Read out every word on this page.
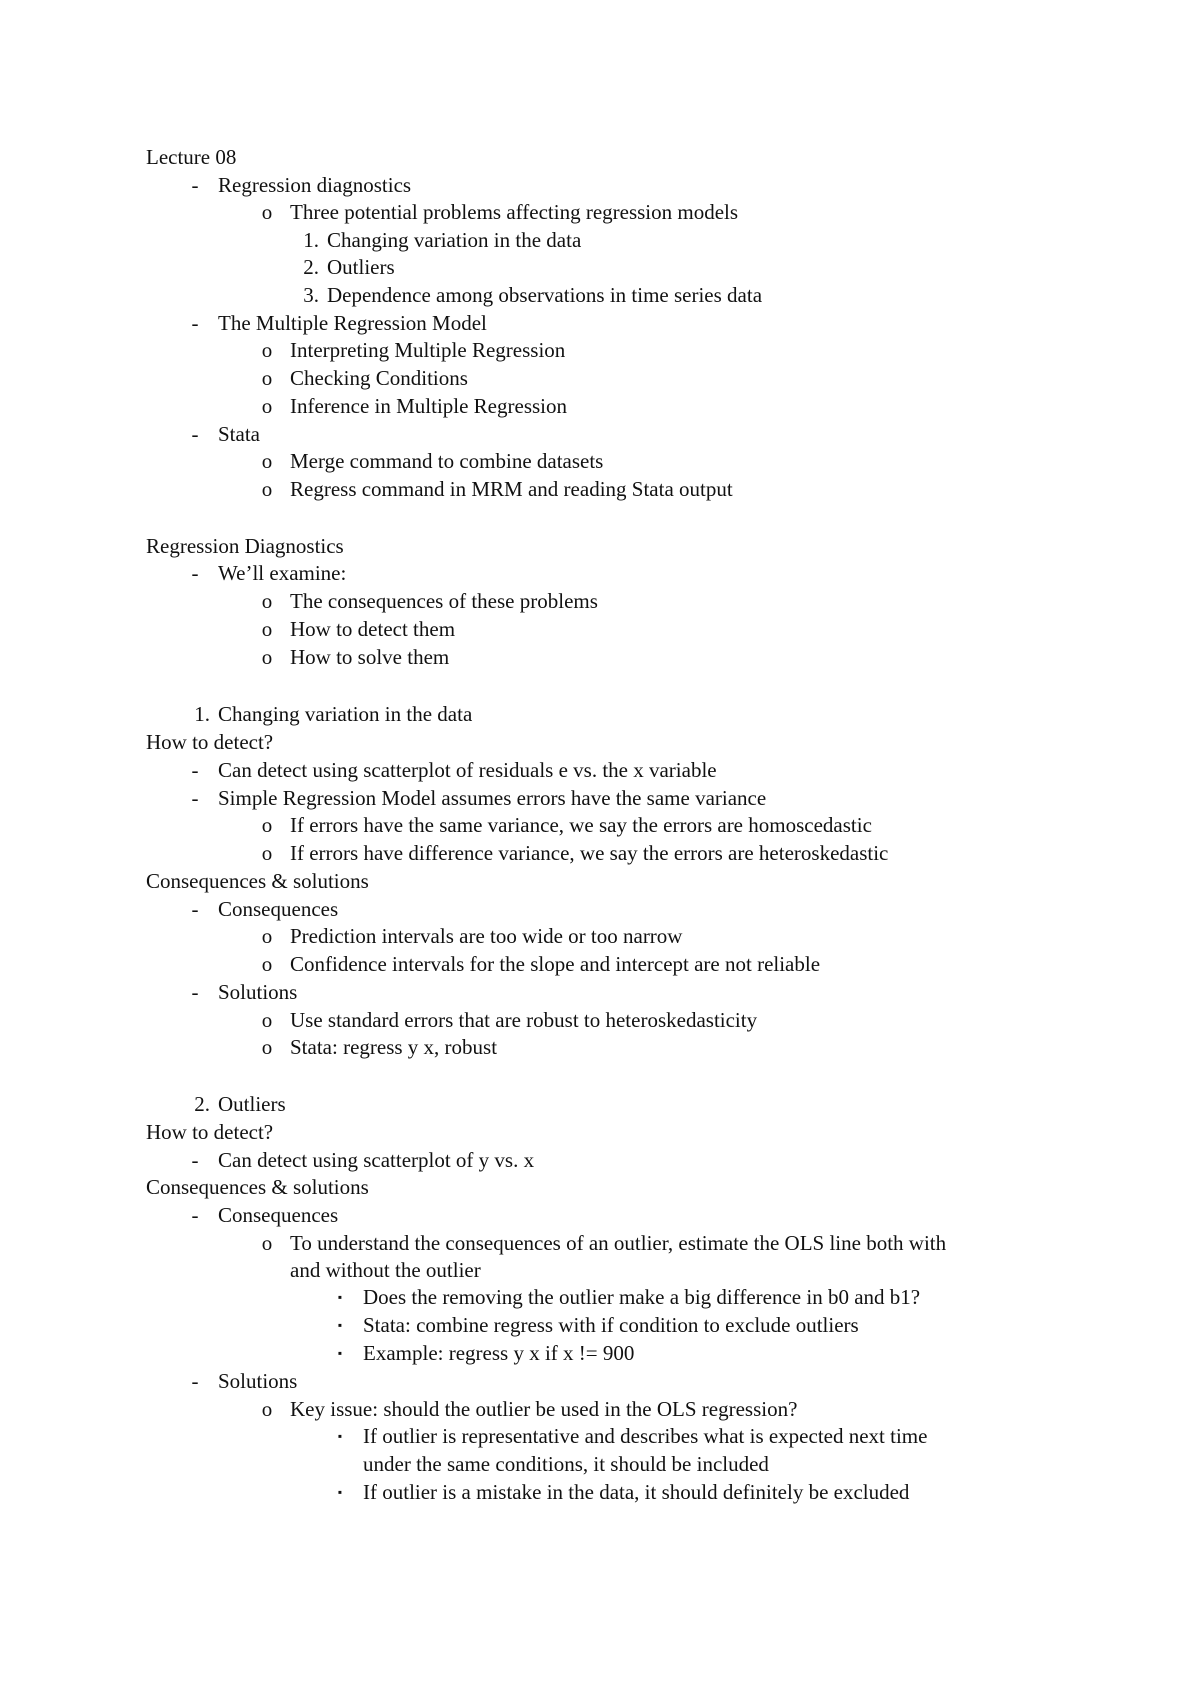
Lecture 08
- Regression diagnostics
o Three potential problems affecting regression models
1. Changing variation in the data
2. Outliers
3. Dependence among observations in time series data
- The Multiple Regression Model
o Interpreting Multiple Regression
o Checking Conditions
o Inference in Multiple Regression
- Stata
o Merge command to combine datasets
o Regress command in MRM and reading Stata output
Regression Diagnostics
- We’ll examine:
o The consequences of these problems
o How to detect them
o How to solve them
1. Changing variation in the data
How to detect?
- Can detect using scatterplot of residuals e vs. the x variable
- Simple Regression Model assumes errors have the same variance
o If errors have the same variance, we say the errors are homoscedastic
o If errors have difference variance, we say the errors are heteroskedastic
Consequences & solutions
- Consequences
o Prediction intervals are too wide or too narrow
o Confidence intervals for the slope and intercept are not reliable
- Solutions
o Use standard errors that are robust to heteroskedasticity
o Stata: regress y x, robust
2. Outliers
How to detect?
- Can detect using scatterplot of y vs. x
Consequences & solutions
- Consequences
o To understand the consequences of an outlier, estimate the OLS line both with
and without the outlier
▪ Does the removing the outlier make a big difference in b0 and b1?
▪ Stata: combine regress with if condition to exclude outliers
▪ Example: regress y x if x != 900
- Solutions
o Key issue: should the outlier be used in the OLS regression?
▪ If outlier is representative and describes what is expected next time
under the same conditions, it should be included
▪ If outlier is a mistake in the data, it should definitely be excluded
